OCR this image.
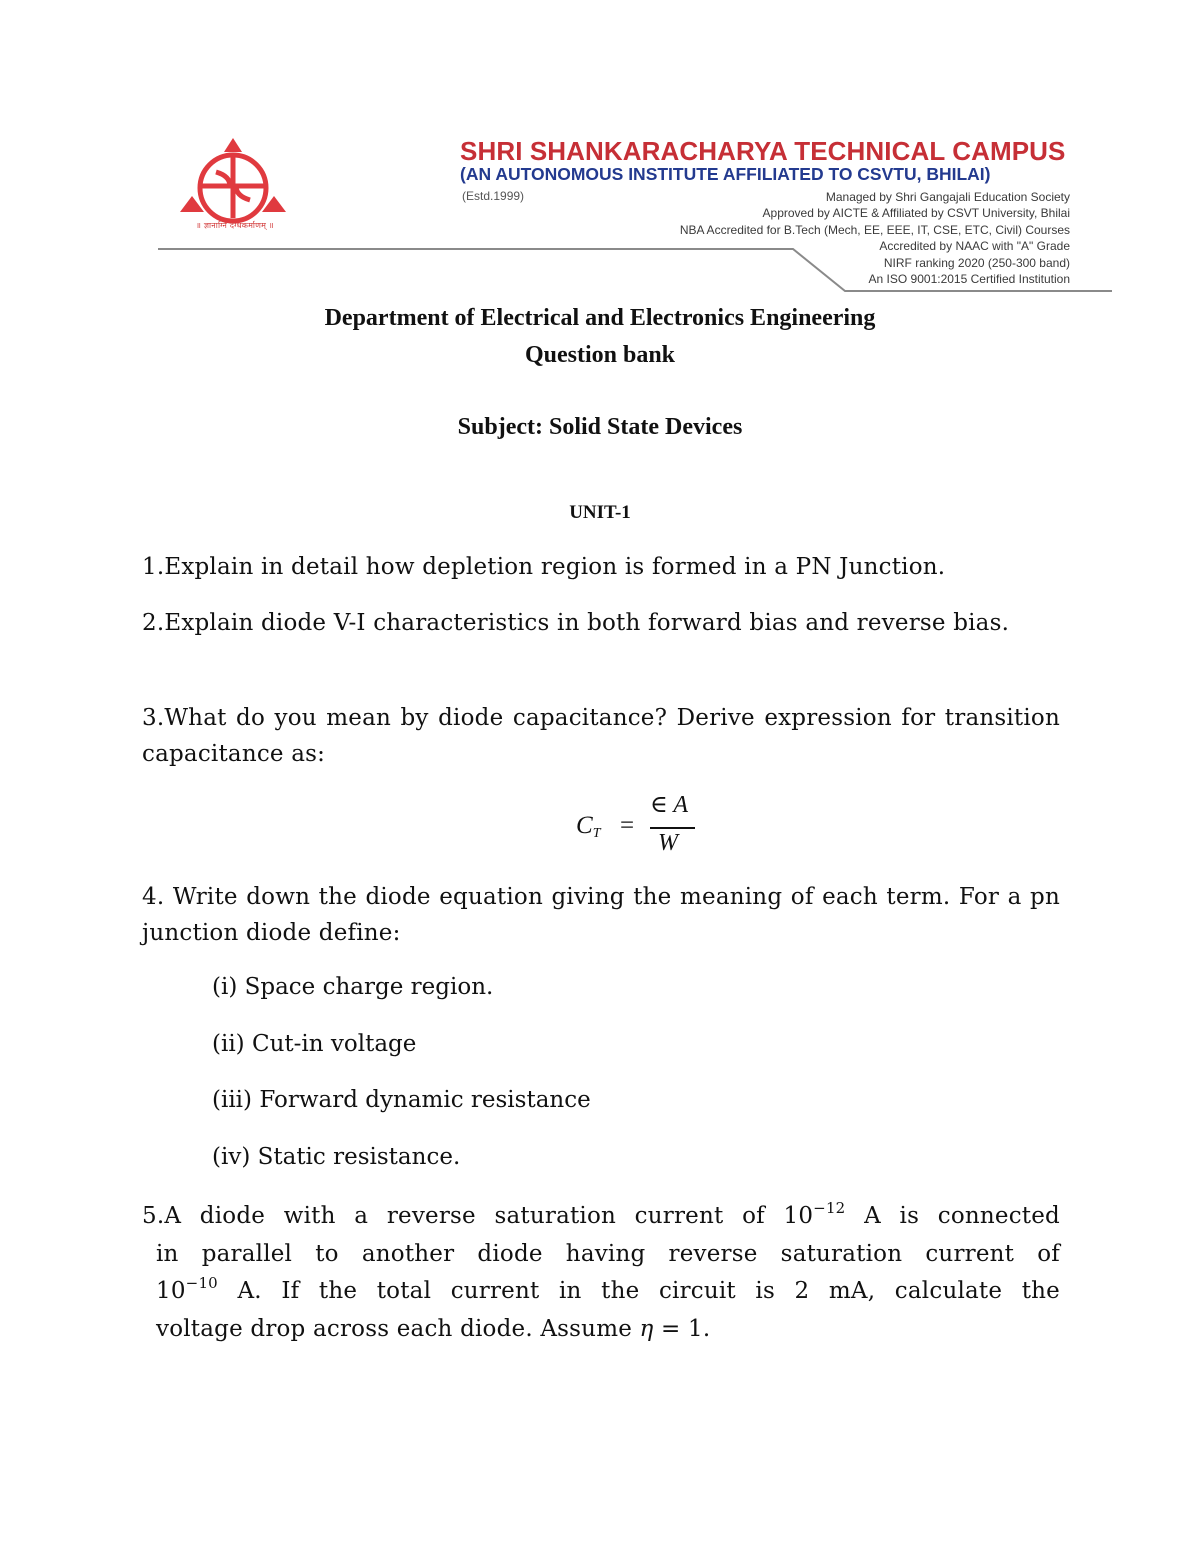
॥ ज्ञानाग्नि दग्धकर्माणम् ॥
SHRI SHANKARACHARYA TECHNICAL CAMPUS
(AN AUTONOMOUS INSTITUTE AFFILIATED TO CSVTU, BHILAI)
(Estd.1999)	Managed by Shri Gangajali Education Society
Approved by AICTE & Affiliated by CSVT University, Bhilai
NBA Accredited for B.Tech (Mech, EE, EEE, IT, CSE, ETC, Civil) Courses
Accredited by NAAC with "A" Grade
NIRF ranking 2020 (250-300 band)
An ISO 9001:2015 Certified Institution
Department of Electrical and Electronics Engineering
Question bank
Subject: Solid State Devices
UNIT-1
1.Explain in detail how depletion region is formed in a PN Junction.
2.Explain diode V-I characteristics in both forward bias and reverse bias.
3.What do you mean by diode capacitance? Derive expression for transition capacitance as:
$C_T$ =
∈ A
W
4. Write down the diode equation giving the meaning of each term. For a pn junction diode define:
(i) Space charge region.
(ii) Cut-in voltage
(iii) Forward dynamic resistance
(iv) Static resistance.
5.A diode with a reverse saturation current of $10^{-12}$ A is connected
in parallel to another diode having reverse saturation current of
$10^{-10}$ A. If the total current in the circuit is 2 mA, calculate the
voltage drop across each diode. Assume η = 1.
